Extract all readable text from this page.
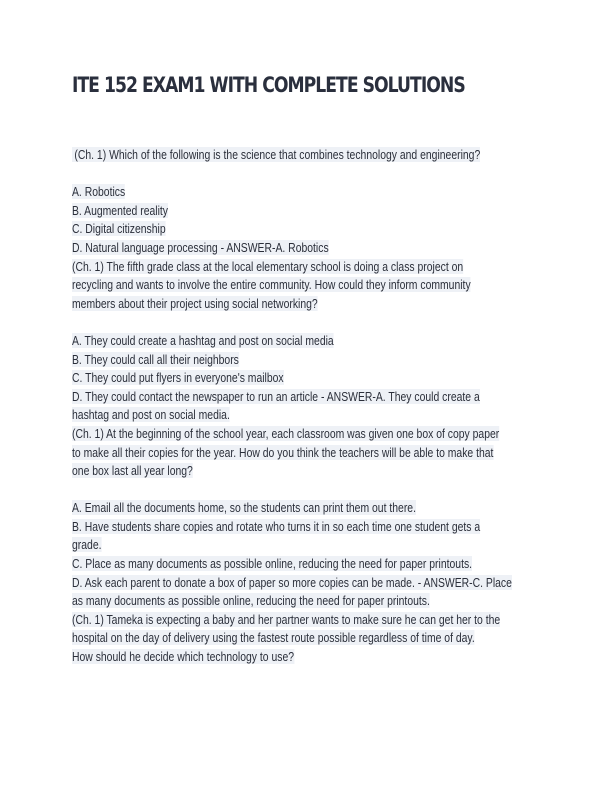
ITE 152 EXAM1 WITH COMPLETE SOLUTIONS
(Ch. 1) Which of the following is the science that combines technology and engineering?
A. Robotics
B. Augmented reality
C. Digital citizenship
D. Natural language processing - ANSWER-A. Robotics
(Ch. 1) The fifth grade class at the local elementary school is doing a class project on
recycling and wants to involve the entire community. How could they inform community
members about their project using social networking?
A. They could create a hashtag and post on social media
B. They could call all their neighbors
C. They could put flyers in everyone's mailbox
D. They could contact the newspaper to run an article - ANSWER-A. They could create a
hashtag and post on social media.
(Ch. 1) At the beginning of the school year, each classroom was given one box of copy paper
to make all their copies for the year. How do you think the teachers will be able to make that
one box last all year long?
A. Email all the documents home, so the students can print them out there.
B. Have students share copies and rotate who turns it in so each time one student gets a
grade.
C. Place as many documents as possible online, reducing the need for paper printouts.
D. Ask each parent to donate a box of paper so more copies can be made. - ANSWER-C. Place
as many documents as possible online, reducing the need for paper printouts.
(Ch. 1) Tameka is expecting a baby and her partner wants to make sure he can get her to the
hospital on the day of delivery using the fastest route possible regardless of time of day.
How should he decide which technology to use?
